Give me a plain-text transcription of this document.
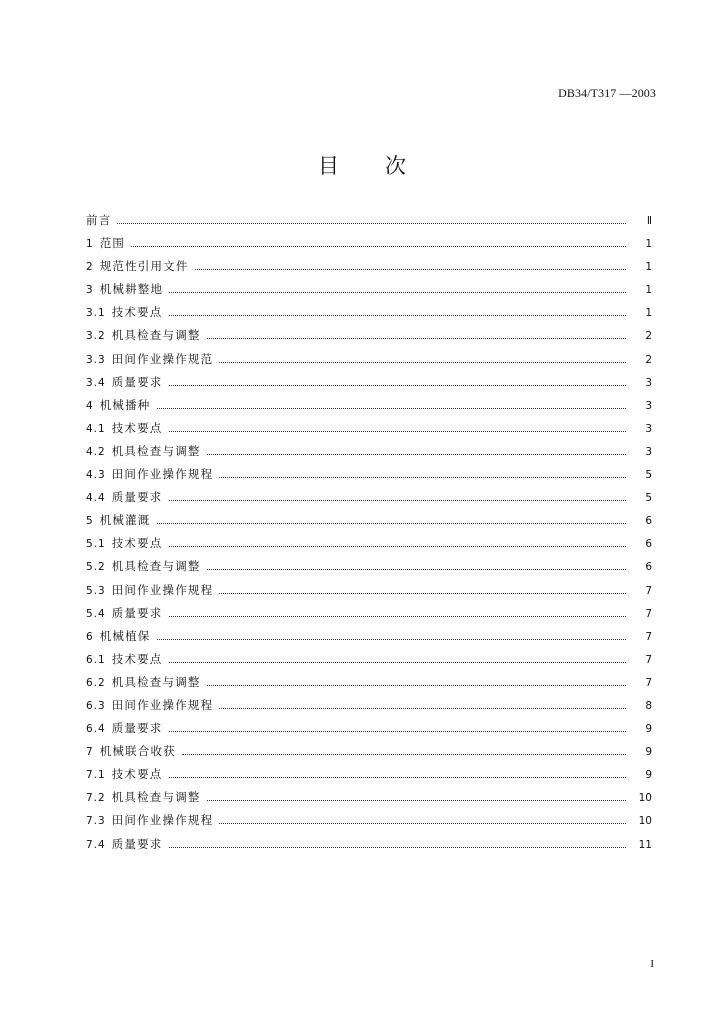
DB34/T317 —2003
目 次
前言	Ⅱ
1 范围	1
2 规范性引用文件	1
3 机械耕整地	1
3.1 技术要点	1
3.2 机具检查与调整	2
3.3 田间作业操作规范	2
3.4 质量要求	3
4 机械播种	3
4.1 技术要点	3
4.2 机具检查与调整	3
4.3 田间作业操作规程	5
4.4 质量要求	5
5 机械灌溉	6
5.1 技术要点	6
5.2 机具检查与调整	6
5.3 田间作业操作规程	7
5.4 质量要求	7
6 机械植保	7
6.1 技术要点	7
6.2 机具检查与调整	7
6.3 田间作业操作规程	8
6.4 质量要求	9
7 机械联合收获	9
7.1 技术要点	9
7.2 机具检查与调整	10
7.3 田间作业操作规程	10
7.4 质量要求	11
I
